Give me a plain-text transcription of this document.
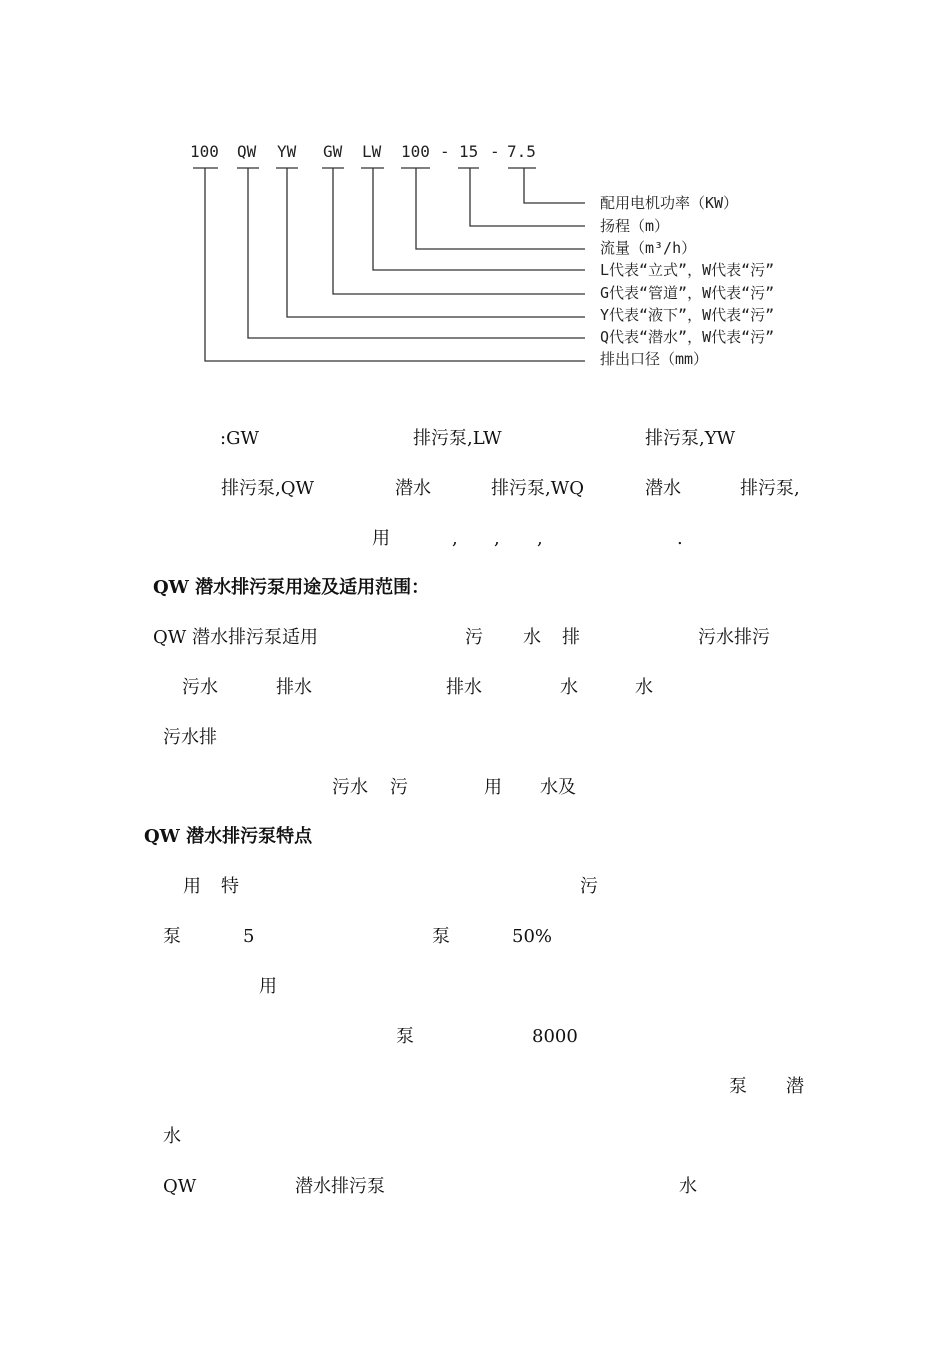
100 QW YW GW LW 100 - 15 - 7.5
配用电机功率（KW）
扬程（m）
流量（m³/h）
L代表“立式”，W代表“污”
G代表“管道”，W代表“污”
Y代表“液下”，W代表“污”
Q代表“潜水”，W代表“污”
排出口径（mm）
:GW	排污泵,LW	排污泵,YW
排污泵,QW	潜水	排污泵,WQ	潜水	排污泵,
用	, , ,	.
QW 潜水排污泵用途及适用范围：
QW 潜水排污泵适用	污 水 排	污水排污
污水	排水	排水	水	水
污水排
污水 污	用 水及
QW 潜水排污泵特点
用 特	污
泵	5	泵	50%
用
泵	8000
泵 潜
水
QW	潜水排污泵	水
